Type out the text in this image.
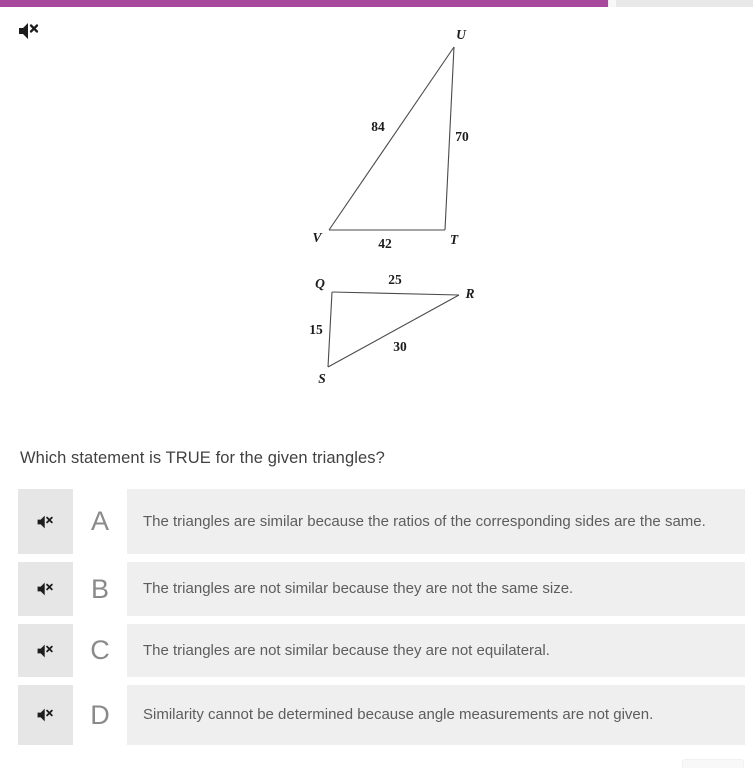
U
V	T
84
70
42
Q
R
S
25
15
30
Which statement is TRUE for the given triangles?
A	The triangles are similar because the ratios of the corresponding sides are the same.
B	The triangles are not similar because they are not the same size.
C	The triangles are not similar because they are not equilateral.
D	Similarity cannot be determined because angle measurements are not given.
